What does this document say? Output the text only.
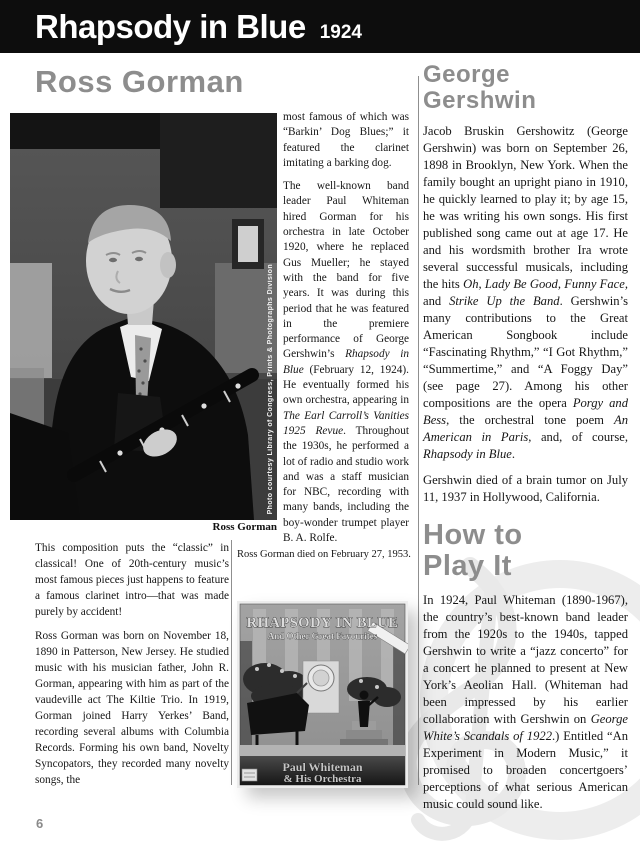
Rhapsody in Blue 1924
Ross Gorman
Photo courtesy Library of Congress, Prints & Photographs Division
Ross Gorman

This composition puts the “classic” in classical! One of 20th-century music’s most famous pieces just happens to feature a famous clarinet intro—that was made purely by accident!

Ross Gorman was born on November 18, 1890 in Patterson, New Jersey. He studied music with his musician father, John R. Gorman, appearing with him as part of the vaudeville act The Kiltie Trio. In 1919, Gorman joined Harry Yerkes’ Band, recording several albums with Columbia Records. Forming his own band, Novelty Syncopators, they recorded many novelty songs, the

most famous of which was “Barkin’ Dog Blues;” it featured the clarinet imitating a barking dog.

The well-known band leader Paul Whiteman hired Gorman for his orchestra in late October 1920, where he replaced Gus Mueller; he stayed with the band for five years. It was during this period that he was featured in the premiere performance of George Gershwin’s Rhapsody in Blue (February 12, 1924). He eventually formed his own orchestra, appearing in The Earl Carroll’s Vanities 1925 Revue. Throughout the 1930s, he performed a lot of radio and studio work and was a staff musician for NBC, recording with many bands, including the boy-wonder trumpet player B. A. Rolfe.

Ross Gorman died on February 27, 1953.
George Gershwin

Jacob Bruskin Gershowitz (George Gershwin) was born on September 26, 1898 in Brooklyn, New York. When the family bought an upright piano in 1910, he quickly learned to play it; by age 15, he was writing his own songs. His first published song came out at age 17. He and his wordsmith brother Ira wrote several successful musicals, including the hits Oh, Lady Be Good, Funny Face, and Strike Up the Band. Gershwin’s many contributions to the Great American Songbook include “Fascinating Rhythm,” “I Got Rhythm,” “Summertime,” and “A Foggy Day” (see page 27). Among his other compositions are the opera Porgy and Bess, the orchestral tone poem An American in Paris, and, of course, Rhapsody in Blue.

Gershwin died of a brain tumor on July 11, 1937 in Hollywood, California.

How to
Play It

In 1924, Paul Whiteman (1890-1967), the country’s best-known band leader from the 1920s to the 1940s, tapped Gershwin to write a “jazz concerto” for a concert he planned to present at New York’s Aeolian Hall. (Whiteman had been impressed by his earlier collaboration with Gershwin on George White’s Scandals of 1922.) Entitled “An Experiment in Modern Music,” it promised to broaden concertgoers’ perceptions of what serious American music could sound like.

RHAPSODY IN BLUE
And Other Great Favourites
Paul Whiteman
& His Orchestra
6
